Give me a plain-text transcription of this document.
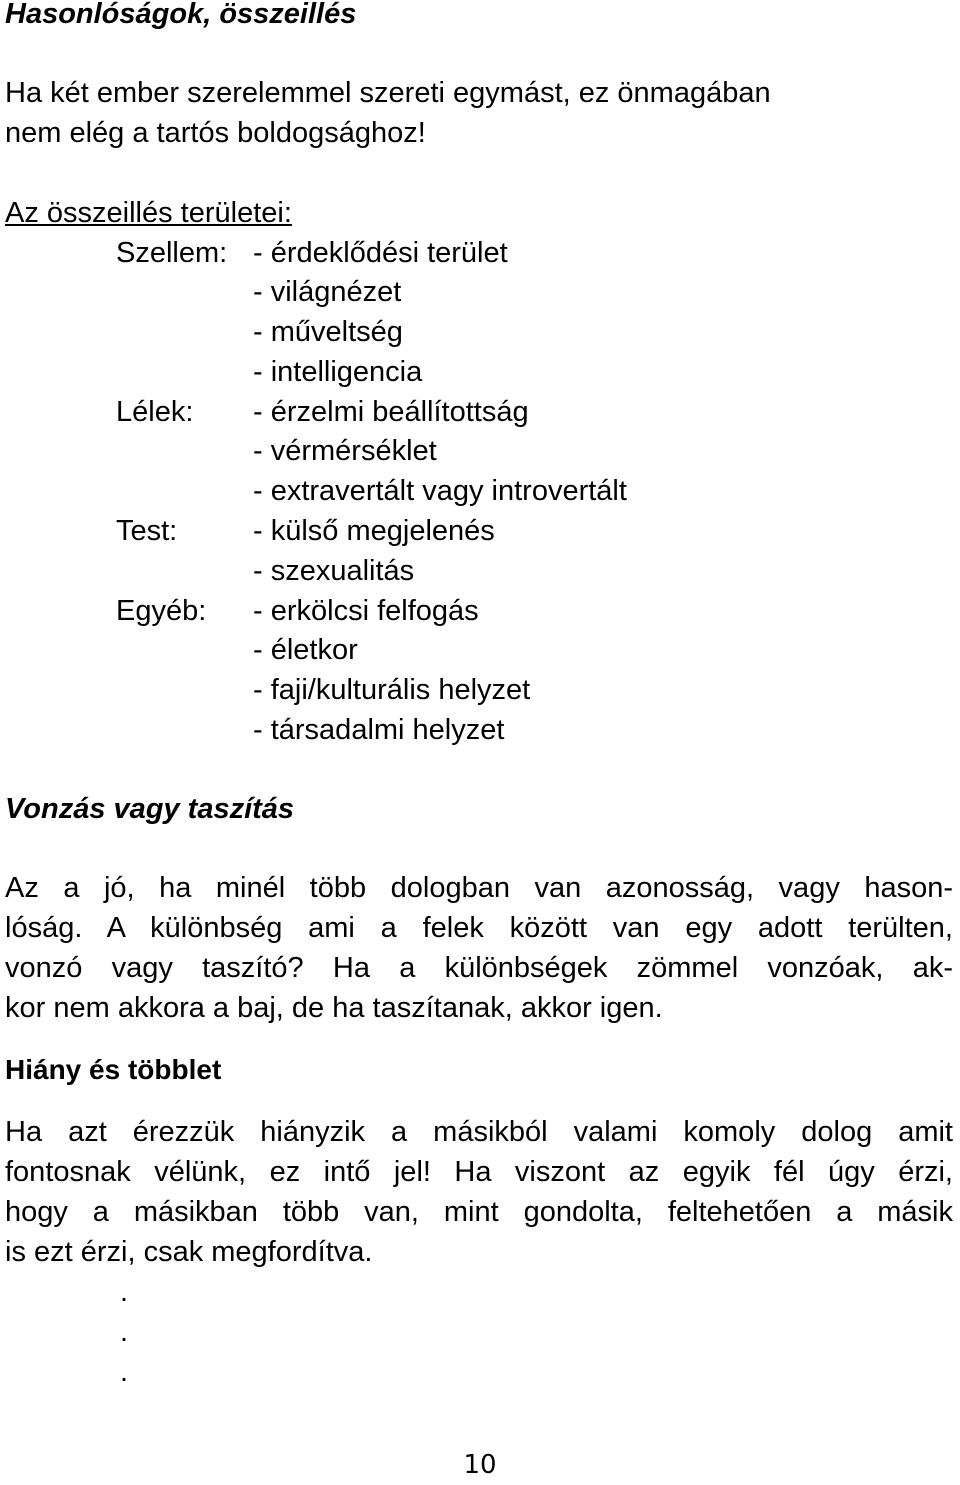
Hasonlóságok, összeillés
Ha két ember szerelemmel szereti egymást, ez önmagában
nem elég a tartós boldogsághoz!
Az összeillés területei:
Szellem: - érdeklődési terület
- világnézet
- műveltség
- intelligencia
Lélek: - érzelmi beállítottság
- vérmérséklet
- extravertált vagy introvertált
Test:	- külső megjelenés
- szexualitás
Egyéb: - erkölcsi felfogás
- életkor
- faji/kulturális helyzet
- társadalmi helyzet
Vonzás vagy taszítás
Az a jó, ha minél több dologban van azonosság, vagy hason-
lóság. A különbség ami a felek között van egy adott terülten,
vonzó vagy taszító? Ha a különbségek zömmel vonzóak, ak-
kor nem akkora a baj, de ha taszítanak, akkor igen.
Hiány és többlet
Ha azt érezzük hiányzik a másikból valami komoly dolog amit
fontosnak vélünk, ez intő jel! Ha viszont az egyik fél úgy érzi,
hogy a másikban több van, mint gondolta, feltehetően a másik
is ezt érzi, csak megfordítva.
.
.
.
10
